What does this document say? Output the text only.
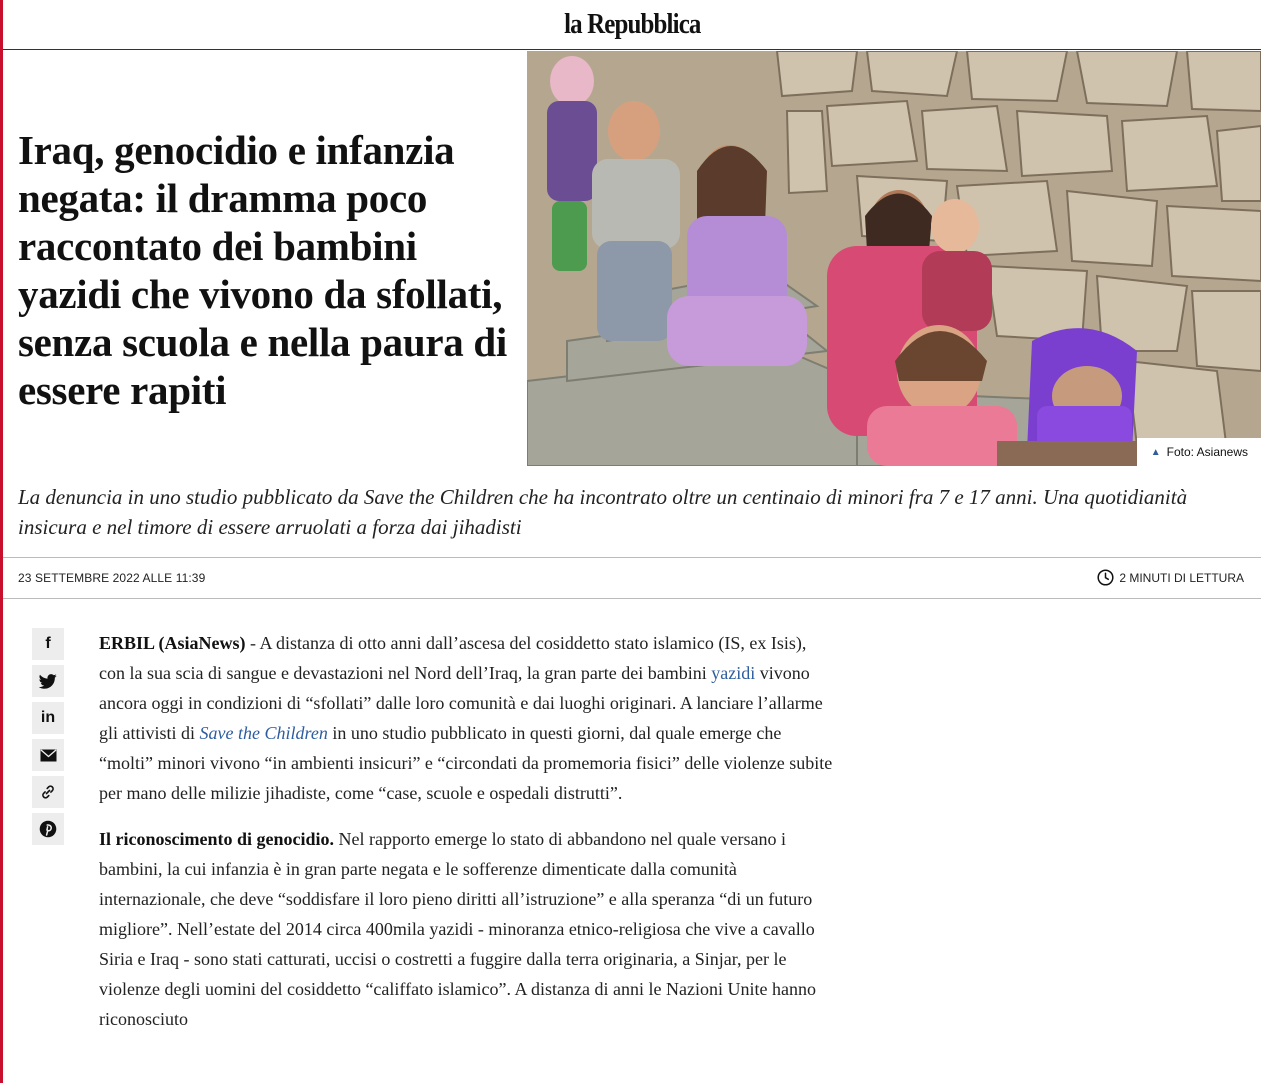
la Repubblica
Iraq, genocidio e infanzia negata: il dramma poco raccontato dei bambini yazidi che vivono da sfollati, senza scuola e nella paura di essere rapiti
▲ Foto: Asianews

La denuncia in uno studio pubblicato da Save the Children che ha incontrato oltre un centinaio di minori fra 7 e 17 anni. Una quotidianità insicura e nel timore di essere arruolati a forza dai jihadisti

23 SETTEMBRE 2022 ALLE 11:39	2 MINUTI DI LETTURA
f
in

ERBIL (AsiaNews) - A distanza di otto anni dall’ascesa del cosiddetto stato islamico (IS, ex Isis), con la sua scia di sangue e devastazioni nel Nord dell’Iraq, la gran parte dei bambini yazidi vivono ancora oggi in condizioni di “sfollati” dalle loro comunità e dai luoghi originari. A lanciare l’allarme gli attivisti di Save the Children in uno studio pubblicato in questi giorni, dal quale emerge che “molti” minori vivono “in ambienti insicuri” e “circondati da promemoria fisici” delle violenze subite per mano delle milizie jihadiste, come “case, scuole e ospedali distrutti”.

Il riconoscimento di genocidio. Nel rapporto emerge lo stato di abbandono nel quale versano i bambini, la cui infanzia è in gran parte negata e le sofferenze dimenticate dalla comunità internazionale, che deve “soddisfare il loro pieno diritti all’istruzione” e alla speranza “di un futuro migliore”. Nell’estate del 2014 circa 400mila yazidi - minoranza etnico-religiosa che vive a cavallo Siria e Iraq - sono stati catturati, uccisi o costretti a fuggire dalla terra originaria, a Sinjar, per le violenze degli uomini del cosiddetto “califfato islamico”. A distanza di anni le Nazioni Unite hanno riconosciuto
